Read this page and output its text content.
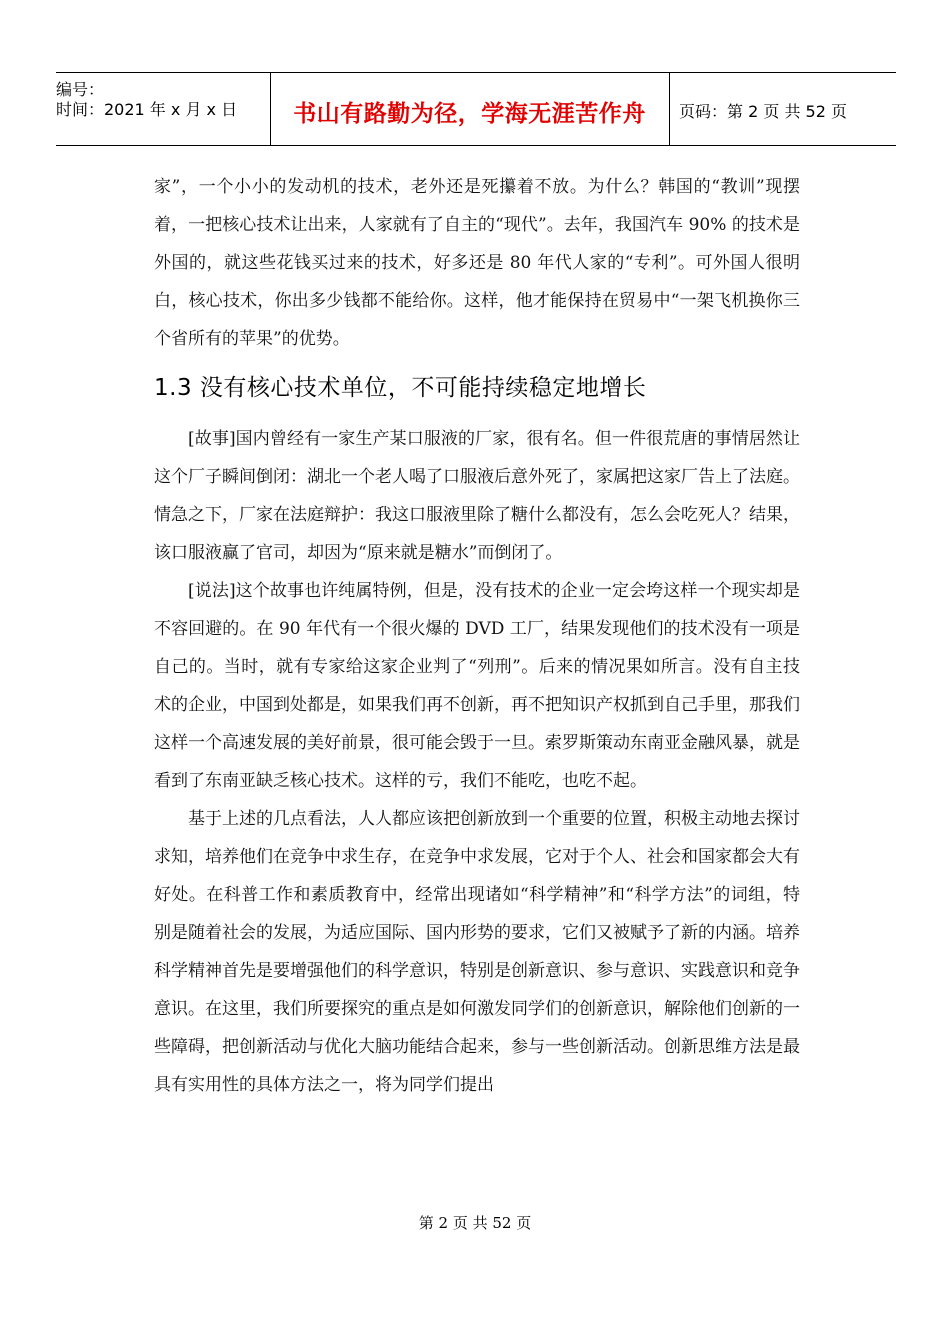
编号：
时间：2021 年 x 月 x 日	书山有路勤为径，学海无涯苦作舟	页码：第 2 页 共 52 页

家”，一个小小的发动机的技术，老外还是死攥着不放。为什么？韩国的“教训”现摆着，一把核心技术让出来，人家就有了自主的“现代”。去年，我国汽车 90% 的技术是外国的，就这些花钱买过来的技术，好多还是 80 年代人家的“专利”。可外国人很明白，核心技术，你出多少钱都不能给你。这样，他才能保持在贸易中“一架飞机换你三个省所有的苹果”的优势。

1.3 没有核心技术单位，不可能持续稳定地增长

[故事]国内曾经有一家生产某口服液的厂家，很有名。但一件很荒唐的事情居然让这个厂子瞬间倒闭：湖北一个老人喝了口服液后意外死了，家属把这家厂告上了法庭。情急之下，厂家在法庭辩护：我这口服液里除了糖什么都没有，怎么会吃死人？结果，该口服液赢了官司，却因为“原来就是糖水”而倒闭了。

[说法]这个故事也许纯属特例，但是，没有技术的企业一定会垮这样一个现实却是不容回避的。在 90 年代有一个很火爆的 DVD 工厂，结果发现他们的技术没有一项是自己的。当时，就有专家给这家企业判了“列刑”。后来的情况果如所言。没有自主技术的企业，中国到处都是，如果我们再不创新，再不把知识产权抓到自己手里，那我们这样一个高速发展的美好前景，很可能会毁于一旦。索罗斯策动东南亚金融风暴，就是看到了东南亚缺乏核心技术。这样的亏，我们不能吃，也吃不起。

基于上述的几点看法，人人都应该把创新放到一个重要的位置，积极主动地去探讨求知，培养他们在竞争中求生存，在竞争中求发展，它对于个人、社会和国家都会大有好处。在科普工作和素质教育中，经常出现诸如“科学精神”和“科学方法”的词组，特别是随着社会的发展，为适应国际、国内形势的要求，它们又被赋予了新的内涵。培养科学精神首先是要增强他们的科学意识，特别是创新意识、参与意识、实践意识和竞争意识。在这里，我们所要探究的重点是如何激发同学们的创新意识，解除他们创新的一些障碍，把创新活动与优化大脑功能结合起来，参与一些创新活动。创新思维方法是最具有实用性的具体方法之一，将为同学们提出

第 2 页 共 52 页
